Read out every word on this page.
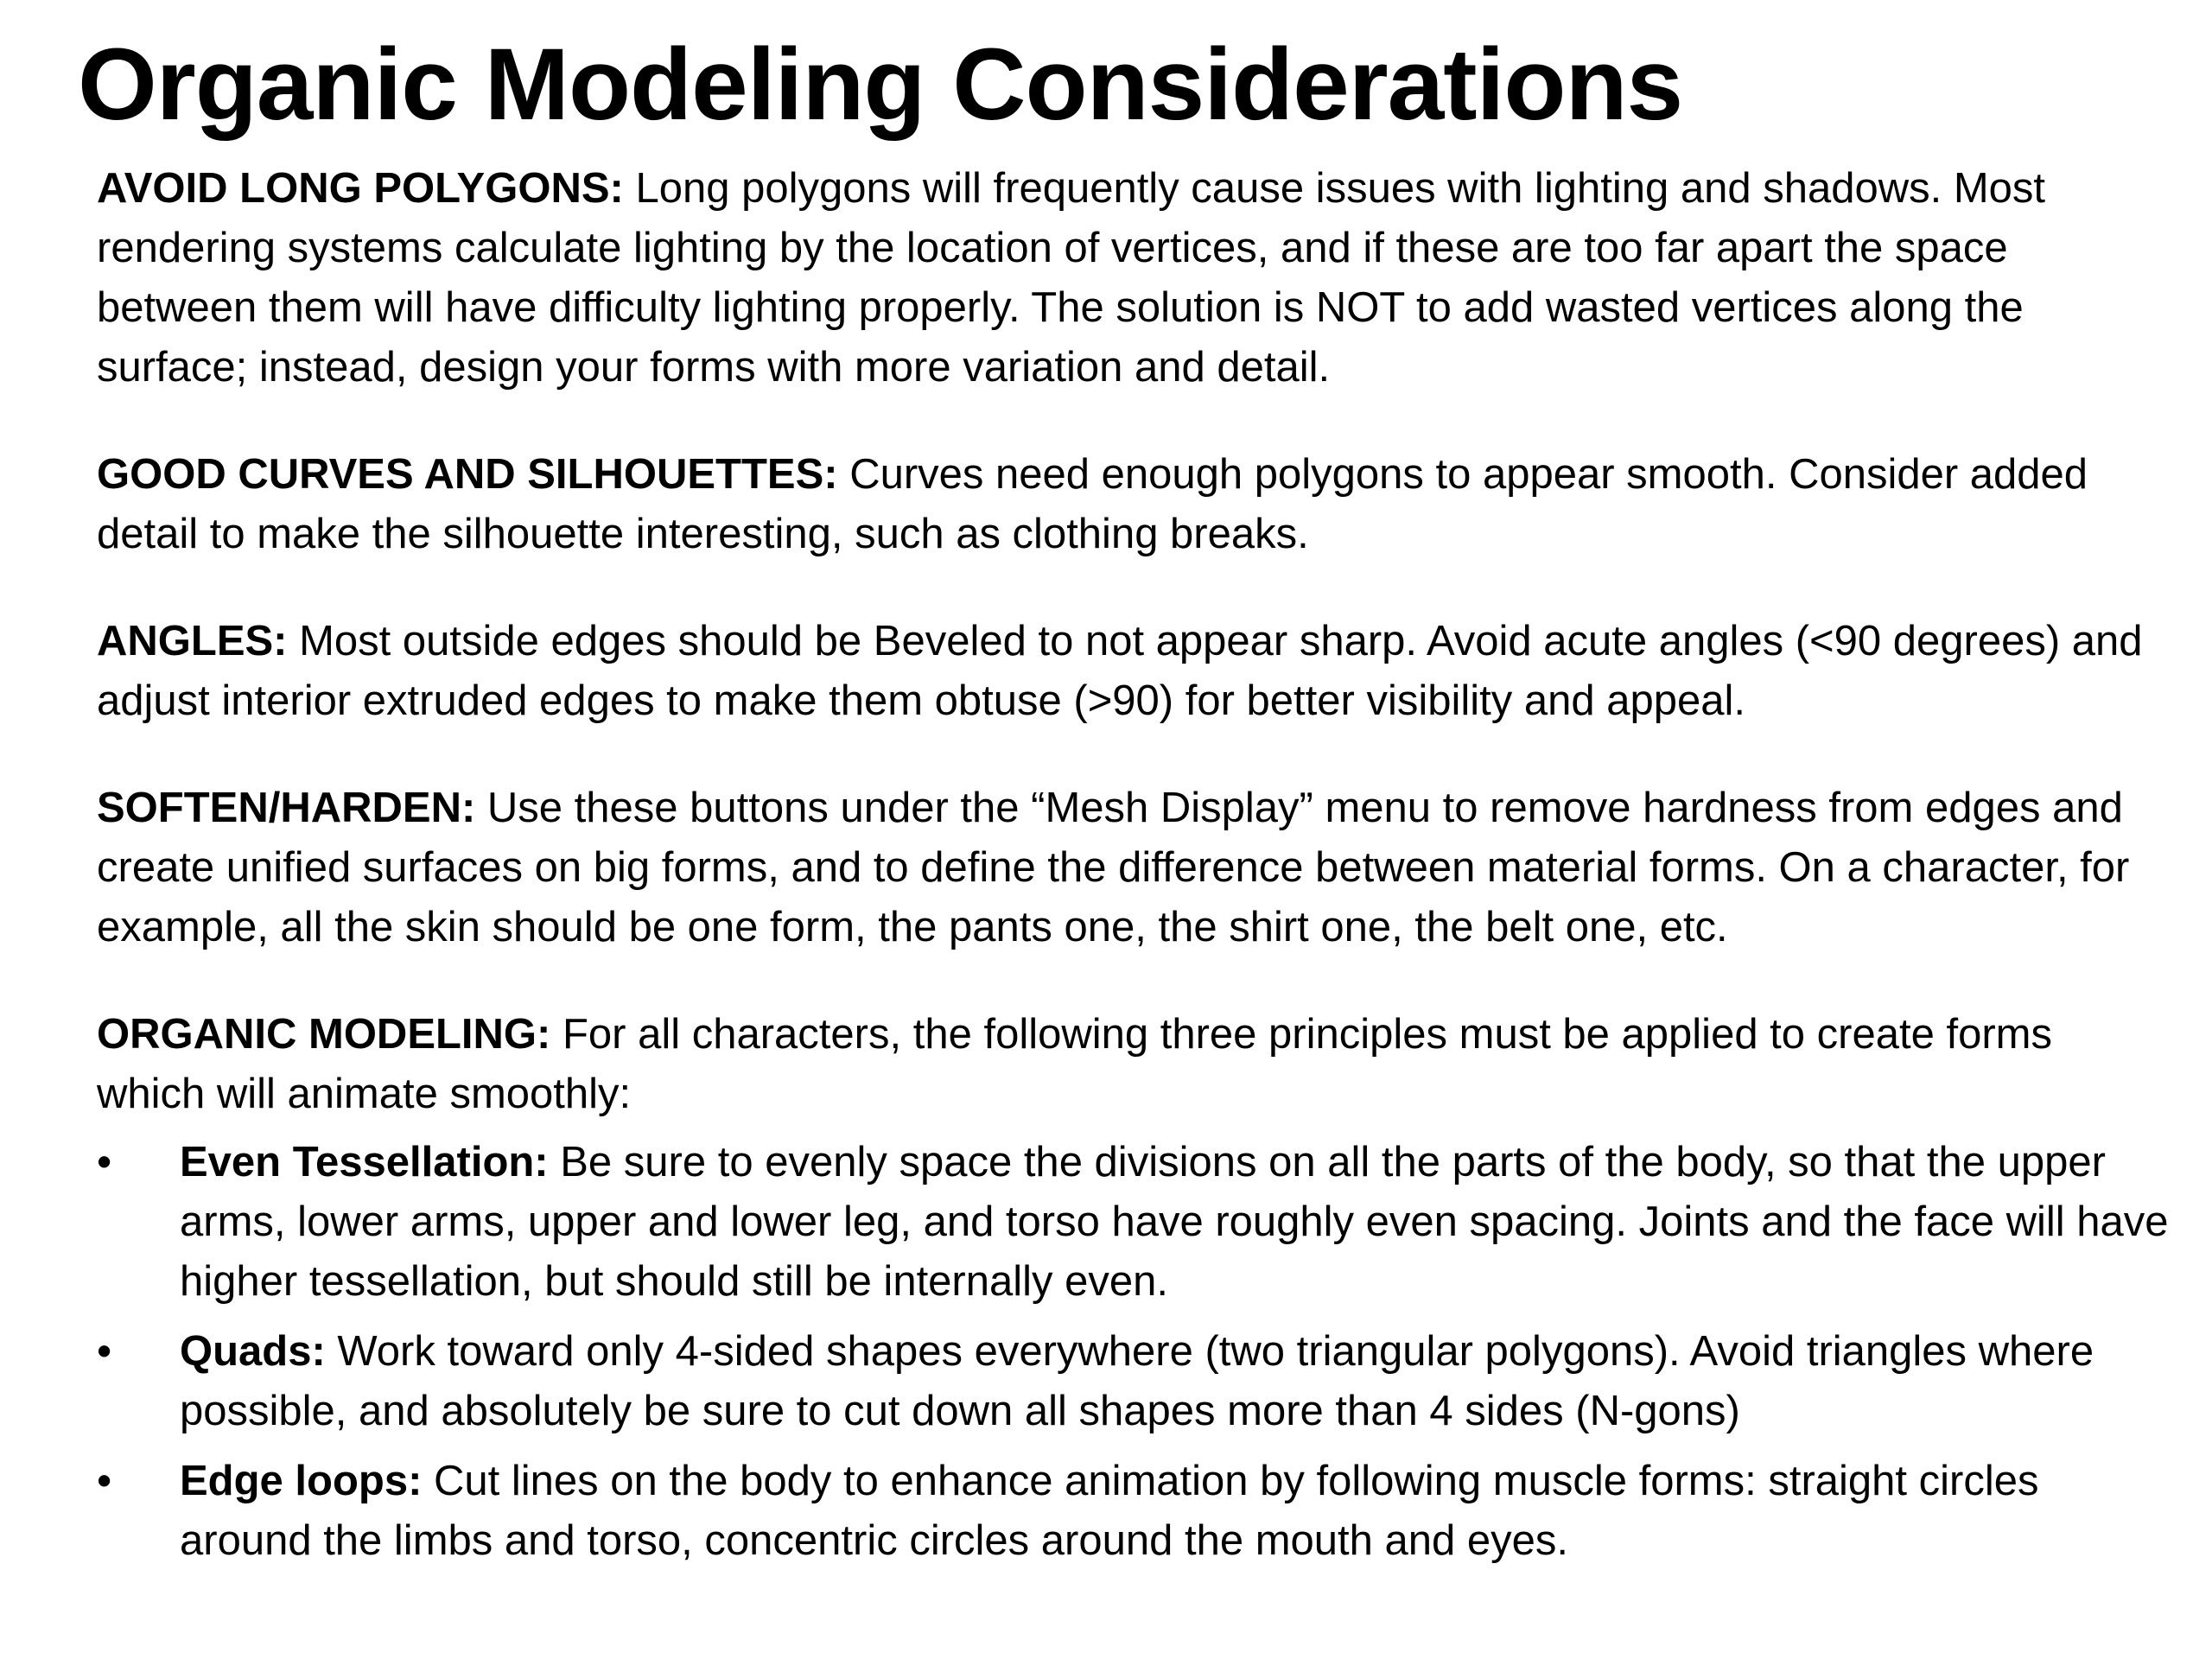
Organic Modeling Considerations

AVOID LONG POLYGONS: Long polygons will frequently cause issues with lighting and shadows. Most rendering systems calculate lighting by the location of vertices, and if these are too far apart the space between them will have difficulty lighting properly. The solution is NOT to add wasted vertices along the surface; instead, design your forms with more variation and detail.

GOOD CURVES AND SILHOUETTES: Curves need enough polygons to appear smooth. Consider added detail to make the silhouette interesting, such as clothing breaks.

ANGLES: Most outside edges should be Beveled to not appear sharp. Avoid acute angles (<90 degrees) and adjust interior extruded edges to make them obtuse (>90) for better visibility and appeal.

SOFTEN/HARDEN: Use these buttons under the “Mesh Display” menu to remove hardness from edges and create unified surfaces on big forms, and to define the difference between material forms. On a character, for example, all the skin should be one form, the pants one, the shirt one, the belt one, etc.

ORGANIC MODELING: For all characters, the following three principles must be applied to create forms which will animate smoothly:

• Even Tessellation: Be sure to evenly space the divisions on all the parts of the body, so that the upper arms, lower arms, upper and lower leg, and torso have roughly even spacing. Joints and the face will have higher tessellation, but should still be internally even.
• Quads: Work toward only 4-sided shapes everywhere (two triangular polygons). Avoid triangles where possible, and absolutely be sure to cut down all shapes more than 4 sides (N-gons)
• Edge loops: Cut lines on the body to enhance animation by following muscle forms: straight circles around the limbs and torso, concentric circles around the mouth and eyes.
